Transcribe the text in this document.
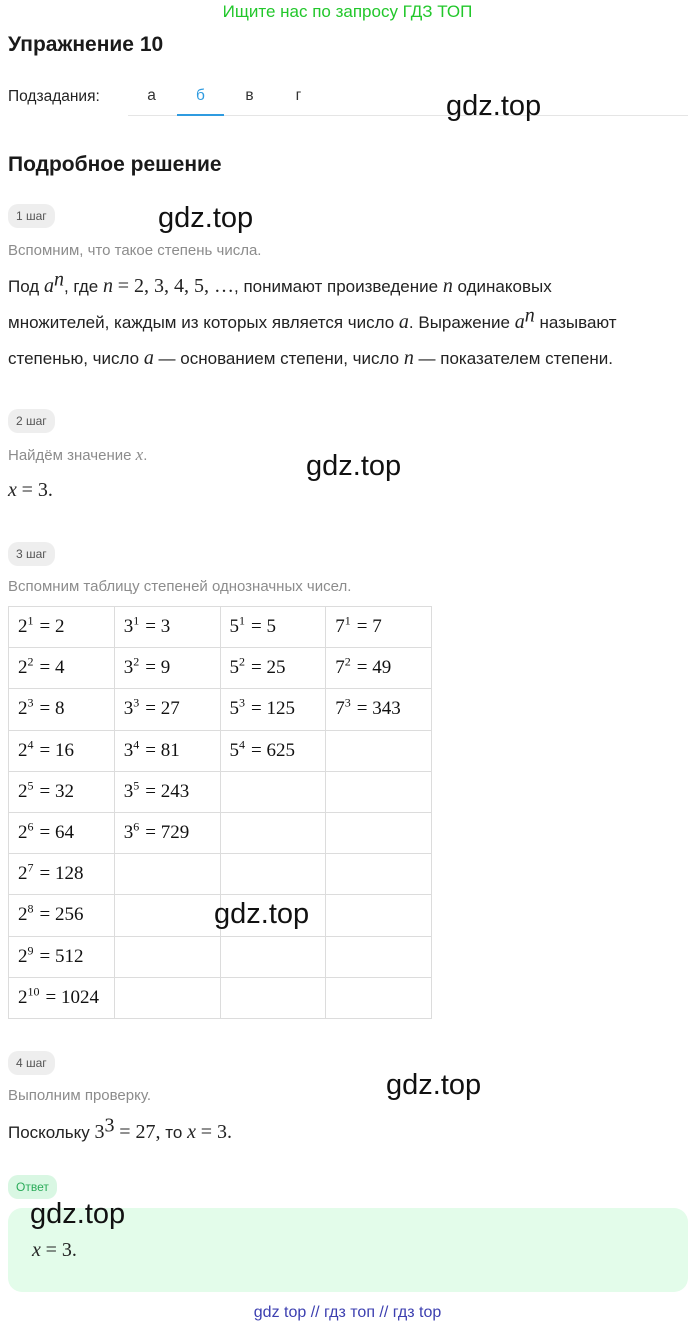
Ищите нас по запросу ГДЗ ТОП
Упражнение 10
Подзадания:	а	б	в	г	gdz.top
Подробное решение
1 шаг	gdz.top
Вспомним, что такое степень числа.
Под $a^n$, где n = 2, 3, 4, 5, …, понимают произведение n одинаковых
множителей, каждым из которых является число a. Выражение $a^n$ называют
степенью, число a — основанием степени, число n — показателем степени.
2 шаг
Найдём значение x.	gdz.top
x = 3.
3 шаг
Вспомним таблицу степеней однозначных чисел.
$2^1 = 2$	$3^1 = 3$	$5^1 = 5$	$7^1 = 7$
$2^2 = 4$	$3^2 = 9$	$5^2 = 25$	$7^2 = 49$
$2^3 = 8$	$3^3 = 27$	$5^3 = 125$	$7^3 = 343$
$2^4 = 16$	$3^4 = 81$	$5^4 = 625$	
$2^5 = 32$	$3^5 = 243$		
$2^6 = 64$	$3^6 = 729$		
$2^7 = 128$			
$2^8 = 256$			
$2^9 = 512$			
$2^{10} = 1024$			
gdz.top
4 шаг
gdz.top
Выполним проверку.
Поскольку $3^3 = 27$, то x = 3.
Ответ
gdz.top
x = 3.
gdz top // гдз топ // гдз top
